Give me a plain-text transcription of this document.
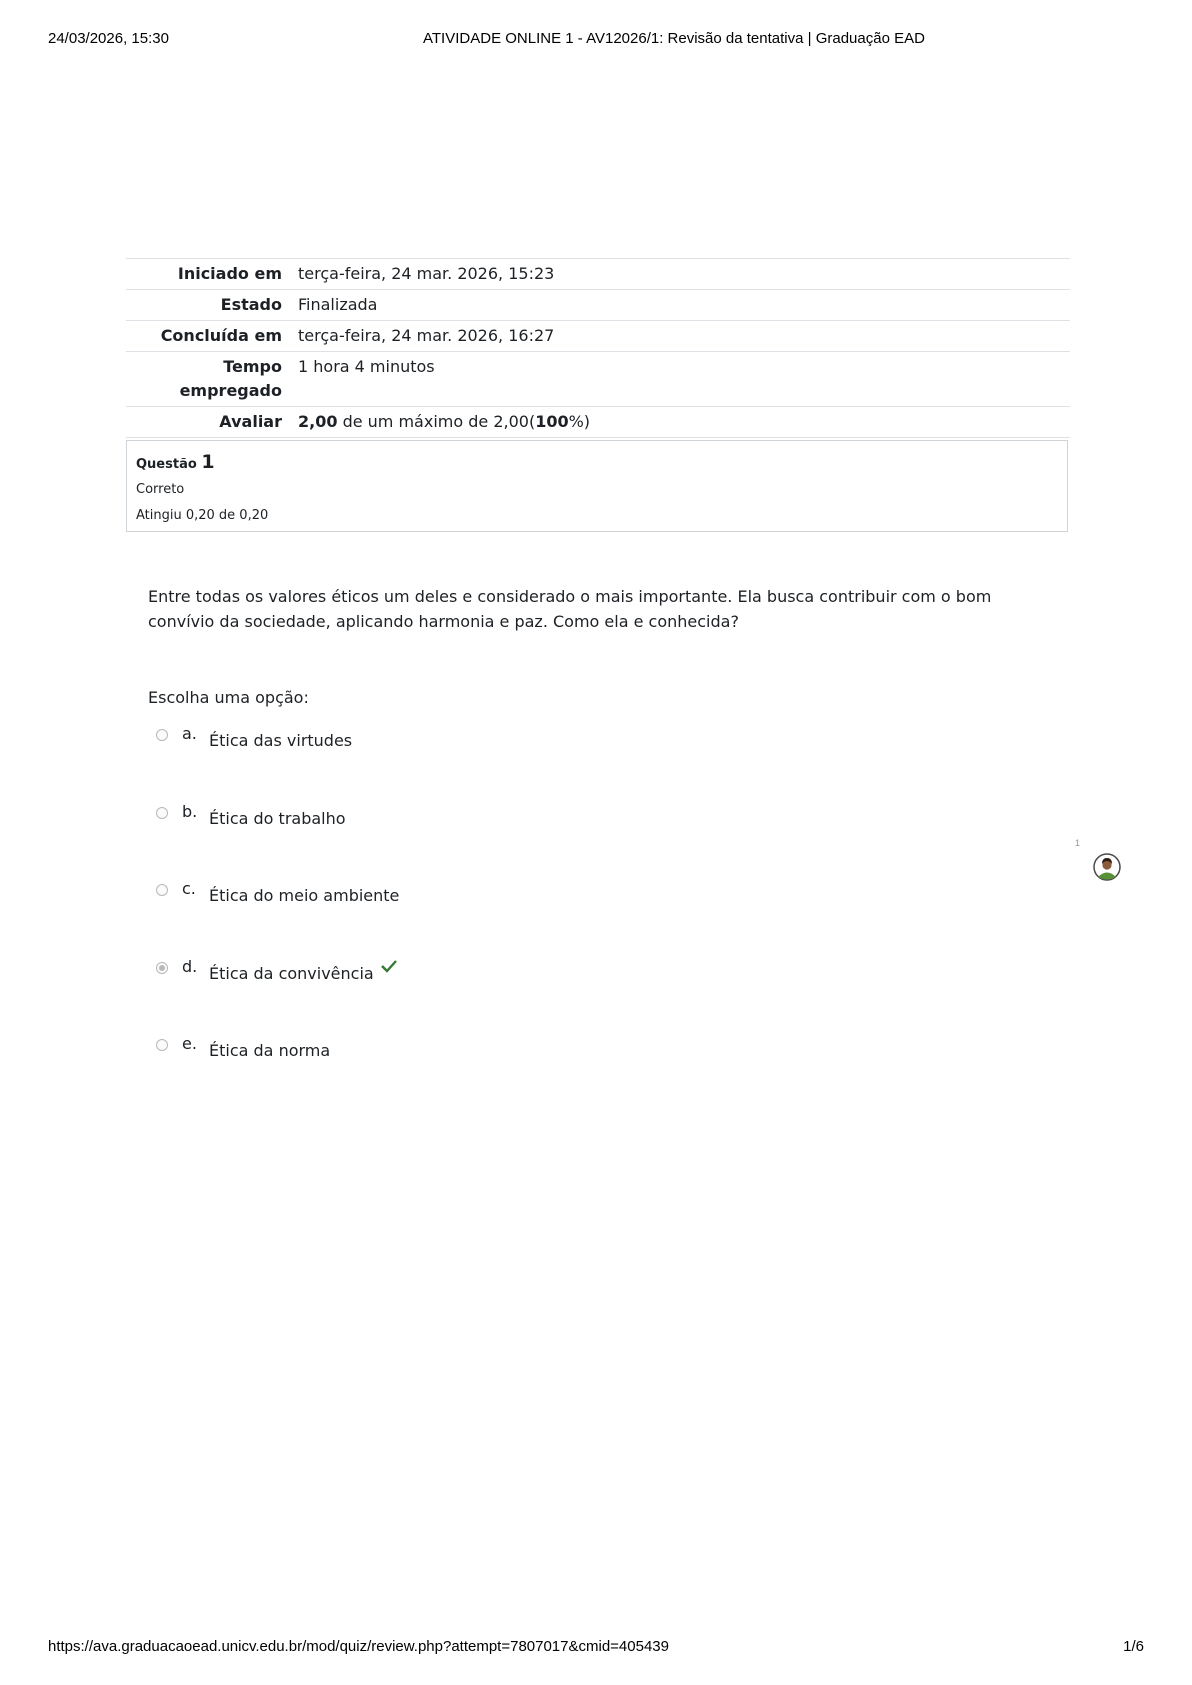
24/03/2026, 15:30	ATIVIDADE ONLINE 1 - AV12026/1: Revisão da tentativa | Graduação EAD
Iniciado em	terça-feira, 24 mar. 2026, 15:23
Estado	Finalizada
Concluída em	terça-feira, 24 mar. 2026, 16:27
Tempo empregado	1 hora 4 minutos
Avaliar	2,00 de um máximo de 2,00(100%)
Questão 1
Correto
Atingiu 0,20 de 0,20
Entre todas os valores éticos um deles e considerado o mais importante. Ela busca contribuir com o bom convívio da sociedade, aplicando harmonia e paz. Como ela e conhecida?
Escolha uma opção:
a. Ética das virtudes
b. Ética do trabalho
c. Ética do meio ambiente
d. Ética da convivência
e. Ética da norma
1
https://ava.graduacaoead.unicv.edu.br/mod/quiz/review.php?attempt=7807017&cmid=405439	1/6
